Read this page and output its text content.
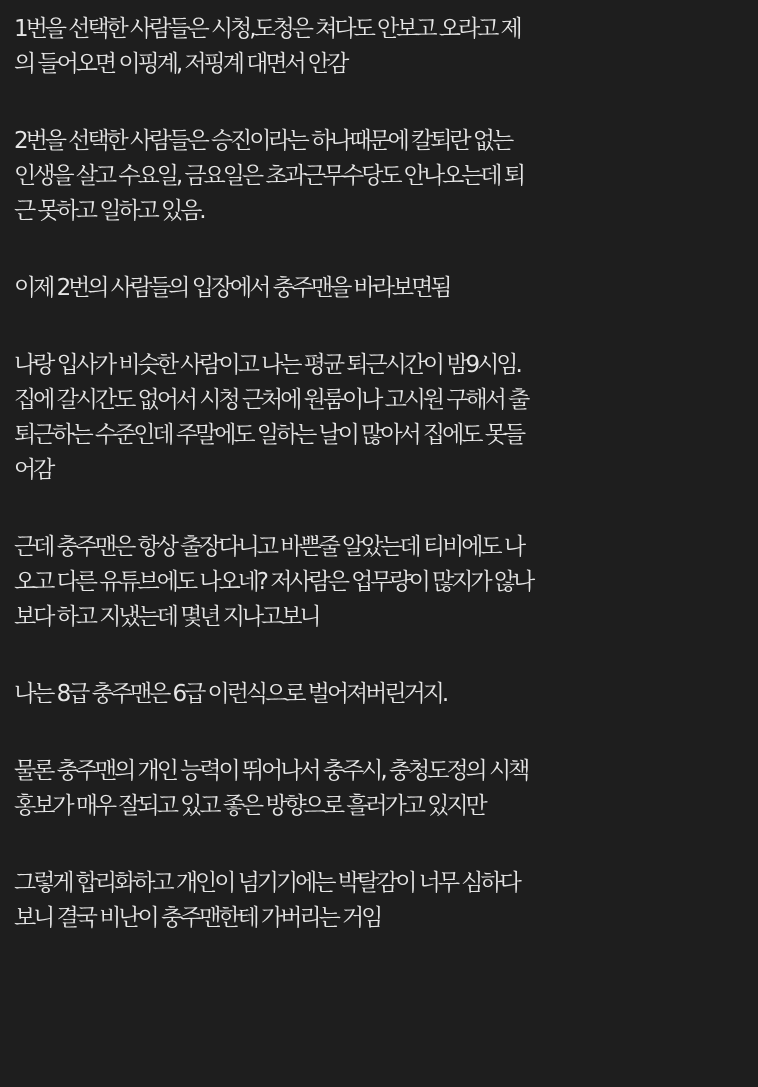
1번을 선택한 사람들은 시청,도청은 쳐다도 안보고 오라고 제
의 들어오면 이핑계, 저핑계 대면서 안감

2번을 선택한 사람들은 승진이라는 하나때문에 칼퇴란 없는
인생을 살고 수요일, 금요일은 초과근무수당도 안나오는데 퇴
근 못하고 일하고 있음.

이제 2번의 사람들의 입장에서 충주맨을 바라보면됨

나랑 입사가 비슷한 사람이고 나는 평균 퇴근시간이 밤9시임.
집에 갈시간도 없어서 시청 근처에 원룸이나 고시원 구해서 출
퇴근하는 수준인데 주말에도 일하는 날이 많아서 집에도 못들
어감

근데 충주맨은 항상 출장다니고 바쁜줄 알았는데 티비에도 나
오고 다른 유튜브에도 나오네? 저사람은 업무량이 많지가 않나
보다 하고 지냈는데 몇년 지나고보니

나는 8급 충주맨은 6급 이런식으로 벌어져버린거지.

물론 충주맨의 개인 능력이 뛰어나서 충주시, 충청도정의 시책
홍보가 매우 잘되고 있고 좋은 방향으로 흘러가고 있지만

그렇게 합리화하고 개인이 넘기기에는 박탈감이 너무 심하다
보니 결국 비난이 충주맨한테 가버리는 거임
